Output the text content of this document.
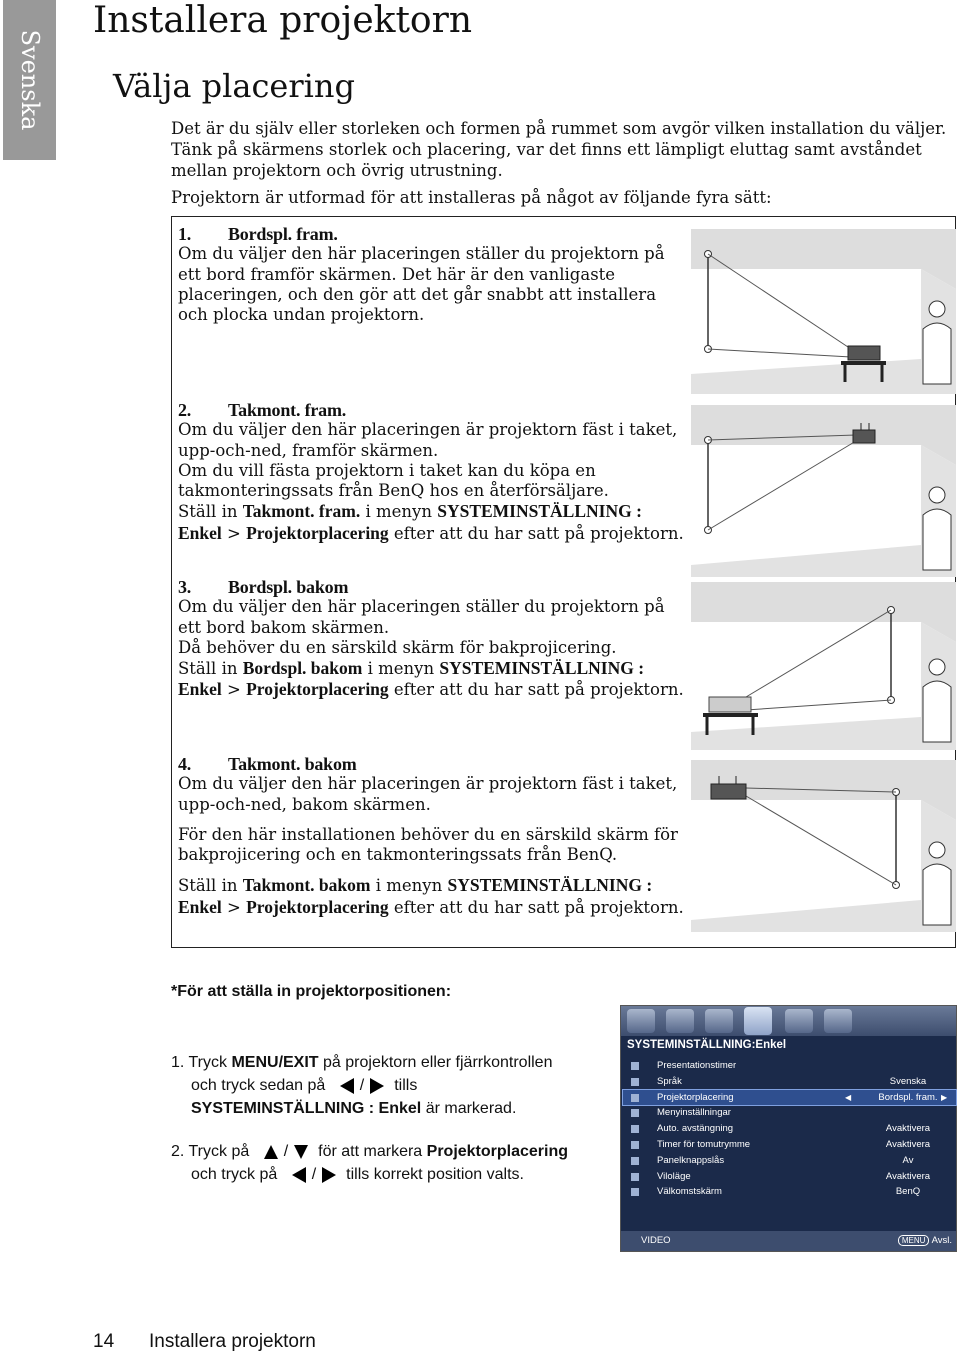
Svenska
Installera projektorn
Välja placering

Det är du själv eller storleken och formen på rummet som avgör vilken installation du väljer. Tänk på skärmens storlek och placering, var det finns ett lämpligt eluttag samt avståndet mellan projektorn och övrig utrustning.

Projektorn är utformad för att installeras på något av följande fyra sätt:

1. Bordspl. fram.

Om du väljer den här placeringen ställer du projektorn på ett bord framför skärmen. Det här är den vanligaste placeringen, och den gör att det går snabbt att installera och plocka undan projektorn.

2. Takmont. fram.

Om du väljer den här placeringen är projektorn fäst i taket, upp-och-ned, framför skärmen.

Om du vill fästa projektorn i taket kan du köpa en takmonteringssats från BenQ hos en återförsäljare.

Ställ in Takmont. fram. i menyn SYSTEMINSTÄLLNING : Enkel > Projektorplacering efter att du har satt på projektorn.

3. Bordspl. bakom

Om du väljer den här placeringen ställer du projektorn på ett bord bakom skärmen.

Då behöver du en särskild skärm för bakprojicering.

Ställ in Bordspl. bakom i menyn SYSTEMINSTÄLLNING : Enkel > Projektorplacering efter att du har satt på projektorn.

4. Takmont. bakom

Om du väljer den här placeringen är projektorn fäst i taket, upp-och-ned, bakom skärmen.

För den här installationen behöver du en särskild skärm för bakprojicering och en takmonteringssats från BenQ.

Ställ in Takmont. bakom i menyn SYSTEMINSTÄLLNING : Enkel > Projektorplacering efter att du har satt på projektorn.

*För att ställa in projektorpositionen:
1. Tryck MENU/EXIT på projektorn eller fjärrkontrollen
och tryck sedan på / tills
SYSTEMINSTÄLLNING : Enkel är markerad.
2. Tryck på / för att markera Projektorplacering
och tryck på / tills korrekt position valts.
SYSTEMINSTÄLLNING:Enkel
Presentationstimer
Språk	Svenska
Projektorplacering	◀	Bordspl. fram. ▶
Menyinställningar
Auto. avstängning	Avaktivera
Timer för tomutrymme	Avaktivera
Panelknappslås	Av
Viloläge	Avaktivera
Välkomstskärm	BenQ
VIDEO	MENU Avsl.
14 Installera projektorn
